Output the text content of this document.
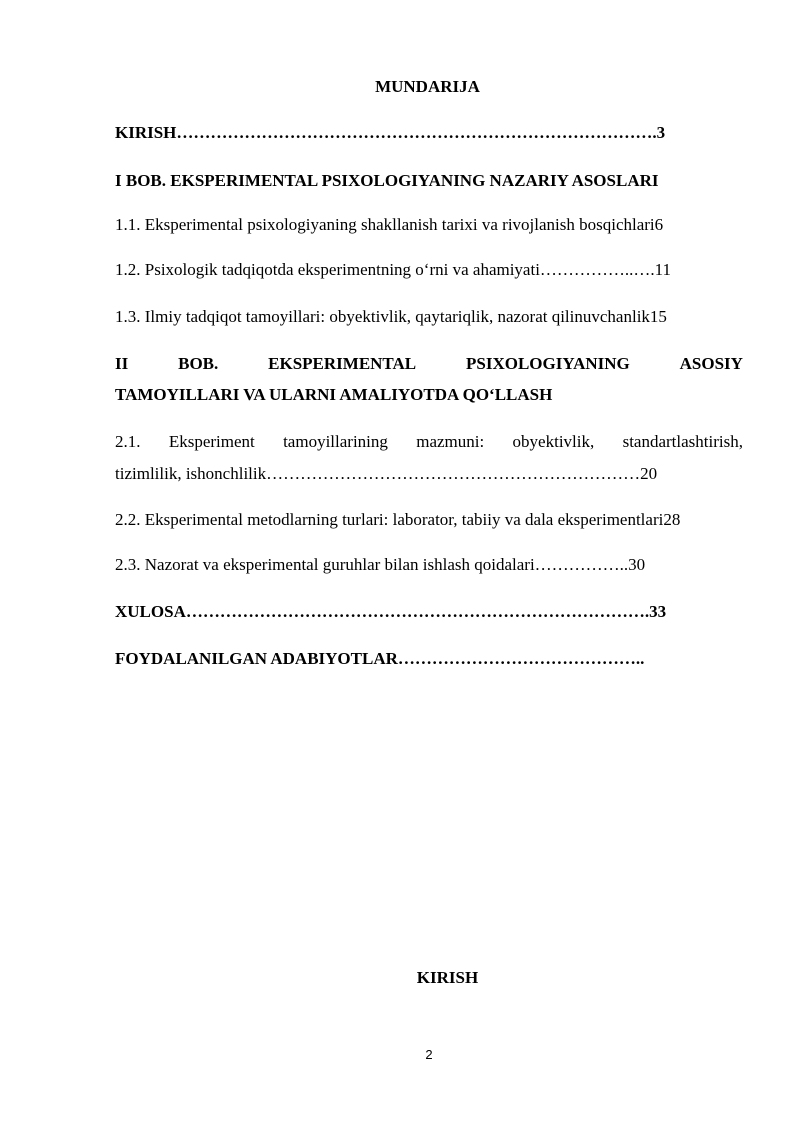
MUNDARIJA
KIRISH………………………………………………………………………….3
I BOB. EKSPERIMENTAL PSIXOLOGIYANING NAZARIY ASOSLARI
1.1. Eksperimental psixologiyaning shakllanish tarixi va rivojlanish bosqichlari6
1.2. Psixologik tadqiqotda eksperimentning o‘rni va ahamiyati……………..….11
1.3. Ilmiy tadqiqot tamoyillari: obyektivlik, qaytariqlik, nazorat qilinuvchanlik15
II	BOB.	EKSPERIMENTAL	PSIXOLOGIYANING	ASOSIY
TAMOYILLARI VA ULARNI AMALIYOTDA QO‘LLASH
2.1. Eksperiment tamoyillarining mazmuni: obyektivlik, standartlashtirish,
tizimlilik, ishonchlilik…………………………………………………………20
2.2. Eksperimental metodlarning turlari: laborator, tabiiy va dala eksperimentlari28
2.3. Nazorat va eksperimental guruhlar bilan ishlash qoidalari……………..30
XULOSA……………………………………………………………………….33
FOYDALANILGAN ADABIYOTLAR……………………………………..
KIRISH
2
